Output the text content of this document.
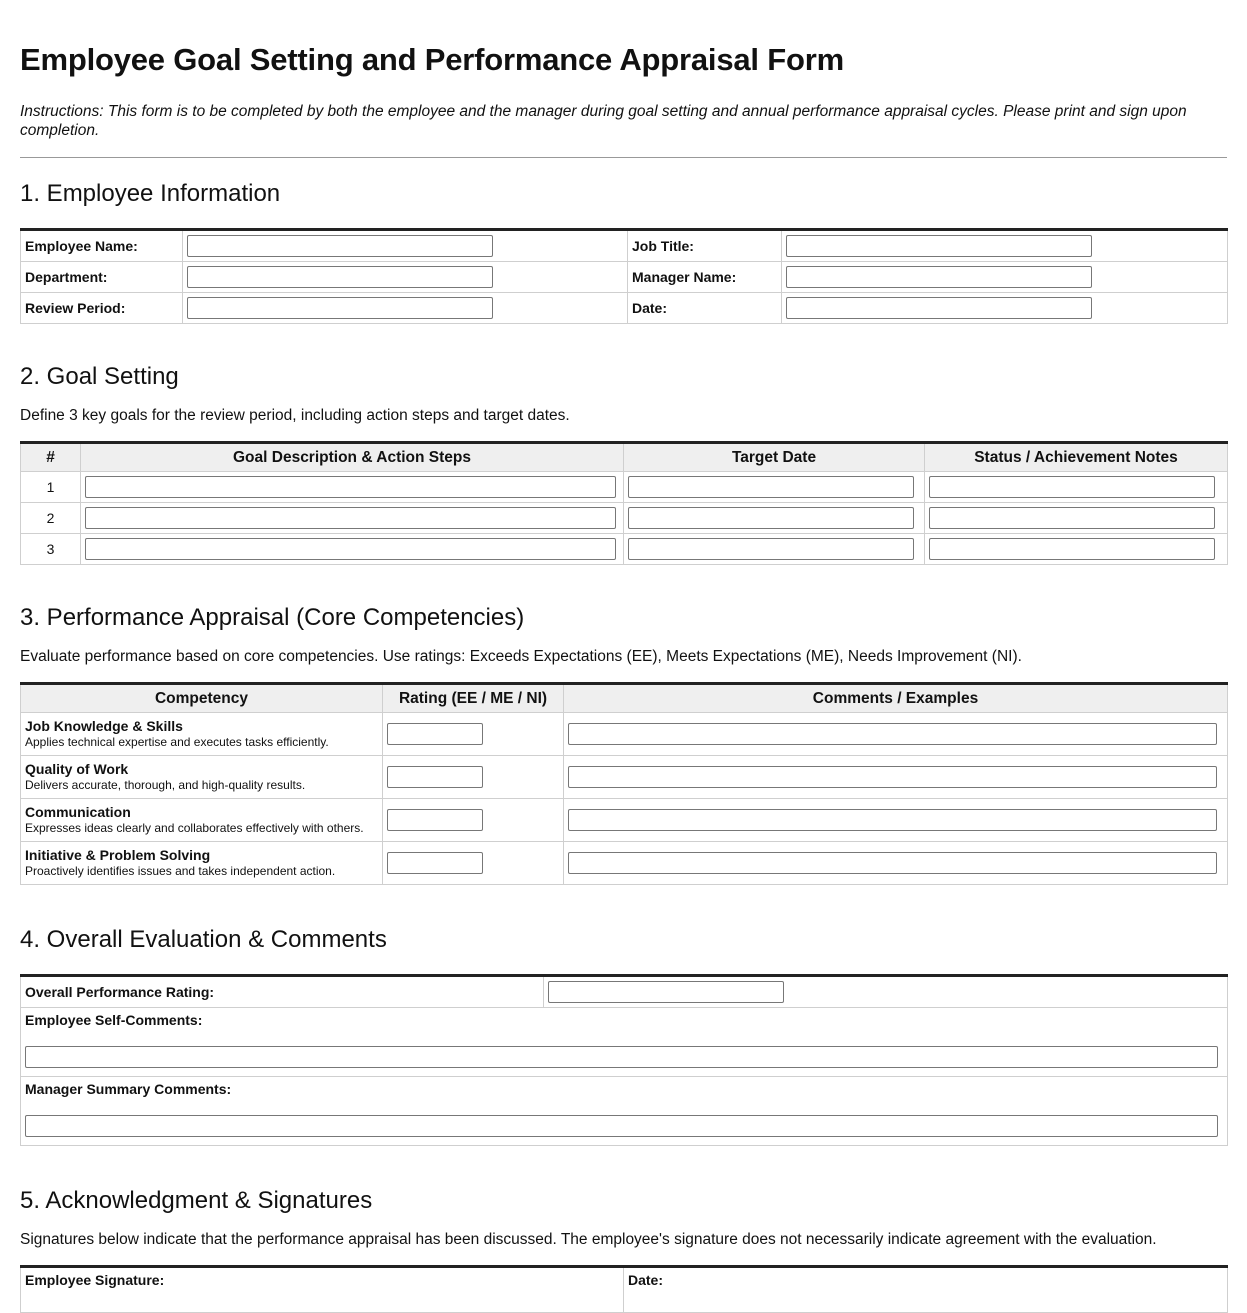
Employee Goal Setting and Performance Appraisal Form

Instructions: This form is to be completed by both the employee and the manager during goal setting and annual performance appraisal cycles. Please print and sign upon completion.

1. Employee Information
Employee Name:		Job Title:	

Department:		Manager Name:	

Review Period:		Date:	
2. Goal Setting

Define 3 key goals for the review period, including action steps and target dates.

#	Goal Description & Action Steps	Target Date	Status / Achievement Notes
1	

2	

3	

3. Performance Appraisal (Core Competencies)

Evaluate performance based on core competencies. Use ratings: Exceeds Expectations (EE), Meets Expectations (ME), Needs Improvement (NI).

Competency	Rating (EE / ME / NI)	Comments / Examples

Job Knowledge & Skills
Applies technical expertise and executes tasks efficiently.		

Quality of Work
Delivers accurate, thorough, and high-quality results.		

Communication
Expresses ideas clearly and collaborates effectively with others.		

Initiative & Problem Solving
Proactively identifies issues and takes independent action.		

4. Overall Evaluation & Comments
Overall Performance Rating:	

Employee Self-Comments:

Manager Summary Comments:
5. Acknowledgment & Signatures

Signatures below indicate that the performance appraisal has been discussed. The employee's signature does not necessarily indicate agreement with the evaluation.

Employee Signature:	Date:
